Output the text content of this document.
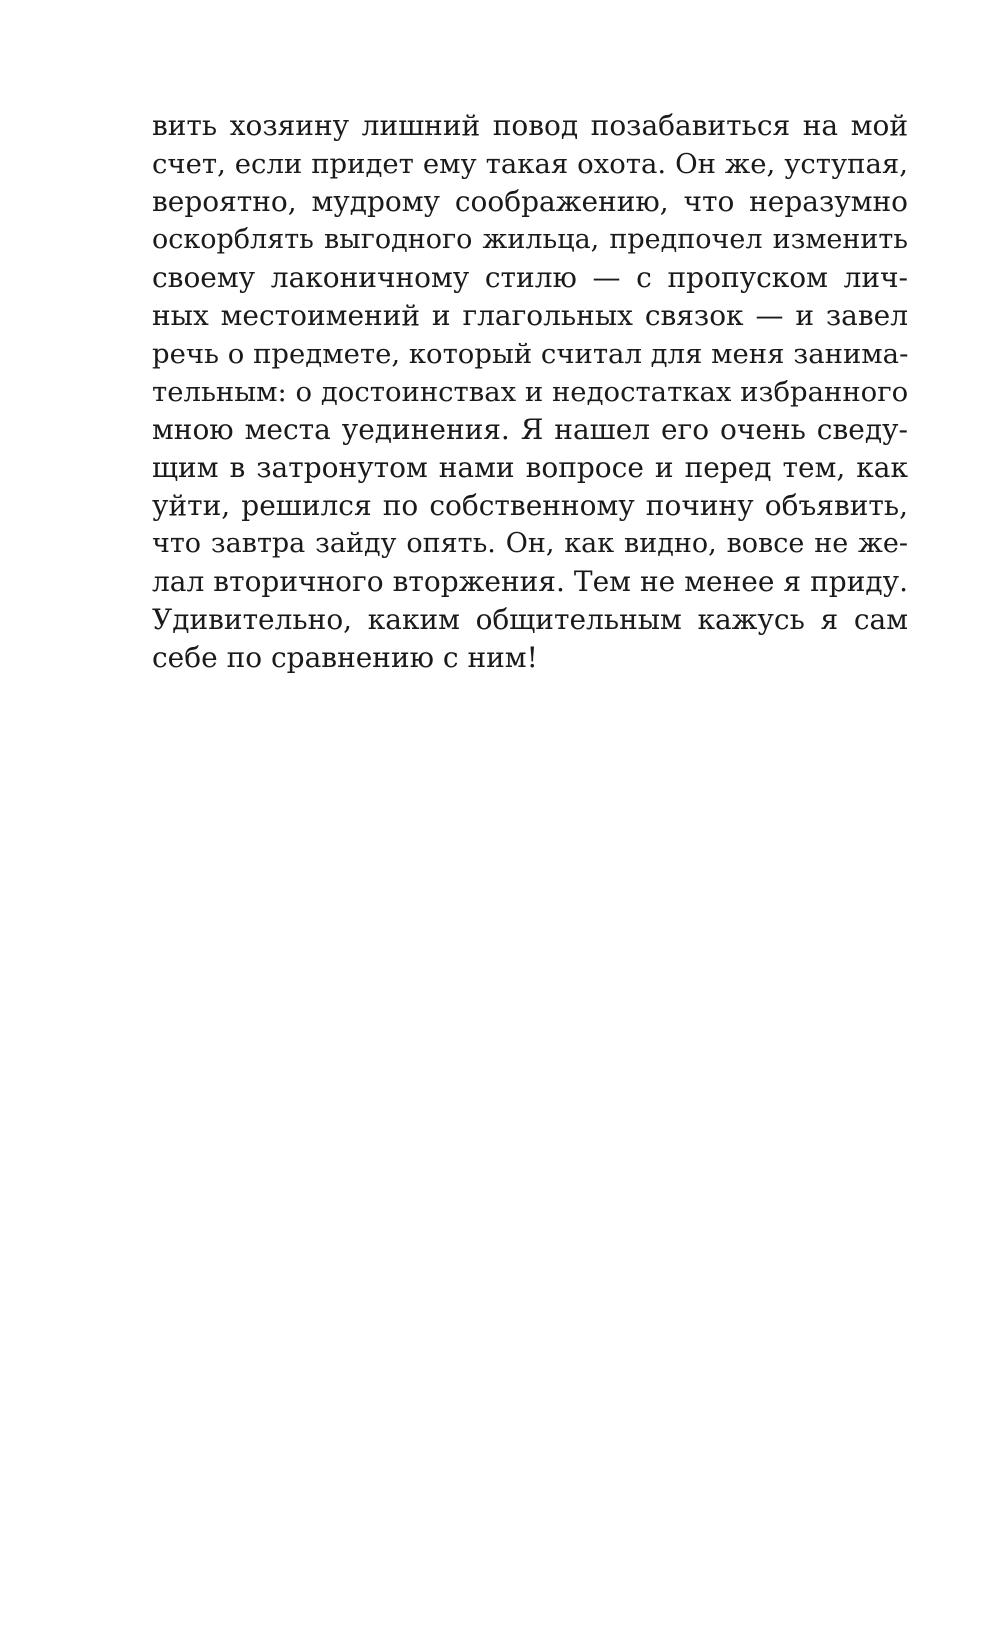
вить хозяину лишний повод позабавиться на мой
счет, если придет ему такая охота. Он же, уступая,
вероятно, мудрому соображению, что неразумно
оскорблять выгодного жильца, предпочел изменить
своему лаконичному стилю — с пропуском лич-
ных местоимений и глагольных связок — и завел
речь о предмете, который считал для меня занима-
тельным: о достоинствах и недостатках избранного
мною места уединения. Я нашел его очень сведу-
щим в затронутом нами вопросе и перед тем, как
уйти, решился по собственному почину объявить,
что завтра зайду опять. Он, как видно, вовсе не же-
лал вторичного вторжения. Тем не менее я приду.
Удивительно, каким общительным кажусь я сам
себе по сравнению с ним!
